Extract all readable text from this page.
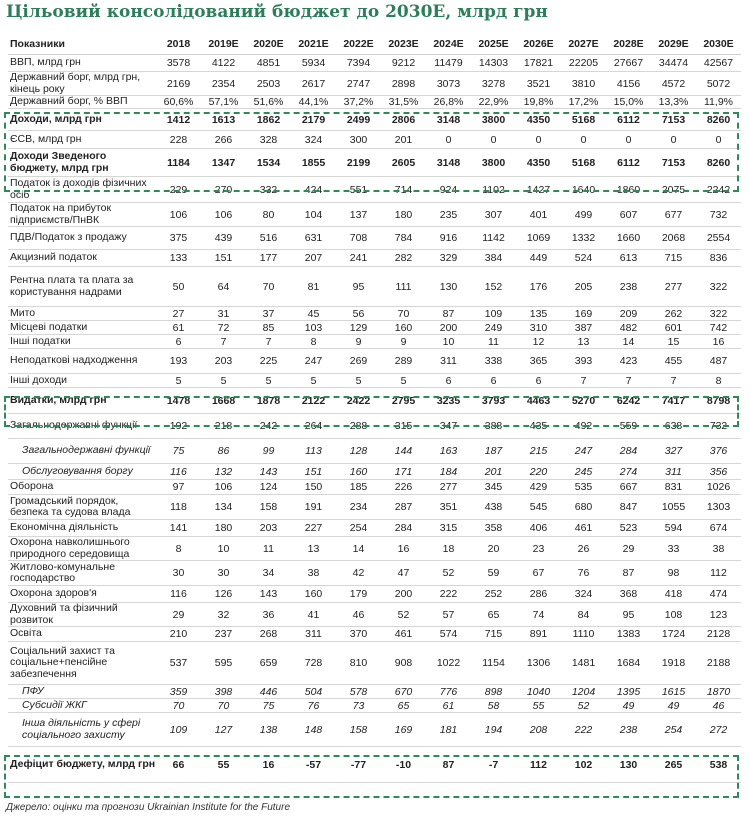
Цільовий консолідований бюджет до 2030Е, млрд грн
Показники	2018	2019E	2020E	2021E	2022E	2023E	2024E	2025E	2026E	2027E	2028E	2029E	2030E
ВВП, млрд грн	3578	4122	4851	5934	7394	9212	11479	14303	17821	22205	27667	34474	42567
Державний борг, млрд грн, кінець року	2169	2354	2503	2617	2747	2898	3073	3278	3521	3810	4156	4572	5072
Державний борг, % ВВП	60,6%	57,1%	51,6%	44,1%	37,2%	31,5%	26,8%	22,9%	19,8%	17,2%	15,0%	13,3%	11,9%
Доходи, млрд грн	1412	1613	1862	2179	2499	2806	3148	3800	4350	5168	6112	7153	8260
ЄСВ, млрд грн	228	266	328	324	300	201	0	0	0	0	0	0	0
Доходи Зведеного бюджету, млрд грн	1184	1347	1534	1855	2199	2605	3148	3800	4350	5168	6112	7153	8260
Податок із доходів фізичних осіб	229	270	332	424	551	714	924	1102	1427	1640	1860	2075	2242
Податок на прибуток підприємств/ПнВК	106	106	80	104	137	180	235	307	401	499	607	677	732
ПДВ/Податок з продажу	375	439	516	631	708	784	916	1142	1069	1332	1660	2068	2554
Акцизний податок	133	151	177	207	241	282	329	384	449	524	613	715	836
Рентна плата та плата за користування надрами	50	64	70	81	95	111	130	152	176	205	238	277	322
Мито	27	31	37	45	56	70	87	109	135	169	209	262	322
Місцеві податки	61	72	85	103	129	160	200	249	310	387	482	601	742
Інші податки	6	7	7	8	9	9	10	11	12	13	14	15	16
Неподаткові надходження	193	203	225	247	269	289	311	338	365	393	423	455	487
Інші доходи	5	5	5	5	5	5	6	6	6	7	7	7	8
Видатки, млрд грн	1478	1668	1878	2122	2422	2795	3235	3793	4463	5270	6242	7417	8798
Загальнодержавні функції	192	218	242	264	288	315	347	388	435	492	559	638	732
Загальнодержавні функції	75	86	99	113	128	144	163	187	215	247	284	327	376
Обслуговування боргу	116	132	143	151	160	171	184	201	220	245	274	311	356
Оборона	97	106	124	150	185	226	277	345	429	535	667	831	1026
Громадський порядок, безпека та судова влада	118	134	158	191	234	287	351	438	545	680	847	1055	1303
Економічна діяльність	141	180	203	227	254	284	315	358	406	461	523	594	674
Охорона навколишнього природного середовища	8	10	11	13	14	16	18	20	23	26	29	33	38
Житлово-комунальне господарство	30	30	34	38	42	47	52	59	67	76	87	98	112
Охорона здоров'я	116	126	143	160	179	200	222	252	286	324	368	418	474
Духовний та фізичний розвиток	29	32	36	41	46	52	57	65	74	84	95	108	123
Освіта	210	237	268	311	370	461	574	715	891	1110	1383	1724	2128
Соціальний захист та соціальне+пенсійне забезпечення	537	595	659	728	810	908	1022	1154	1306	1481	1684	1918	2188
ПФУ	359	398	446	504	578	670	776	898	1040	1204	1395	1615	1870
Субсидії ЖКГ	70	70	75	76	73	65	61	58	55	52	49	49	46
Інша діяльність у сфері соціального захисту	109	127	138	148	158	169	181	194	208	222	238	254	272
Дефіцит бюджету, млрд грн	66	55	16	-57	-77	-10	87	-7	112	102	130	265	538
Джерело: оцінки та прогнози Ukrainian Institute for the Future
